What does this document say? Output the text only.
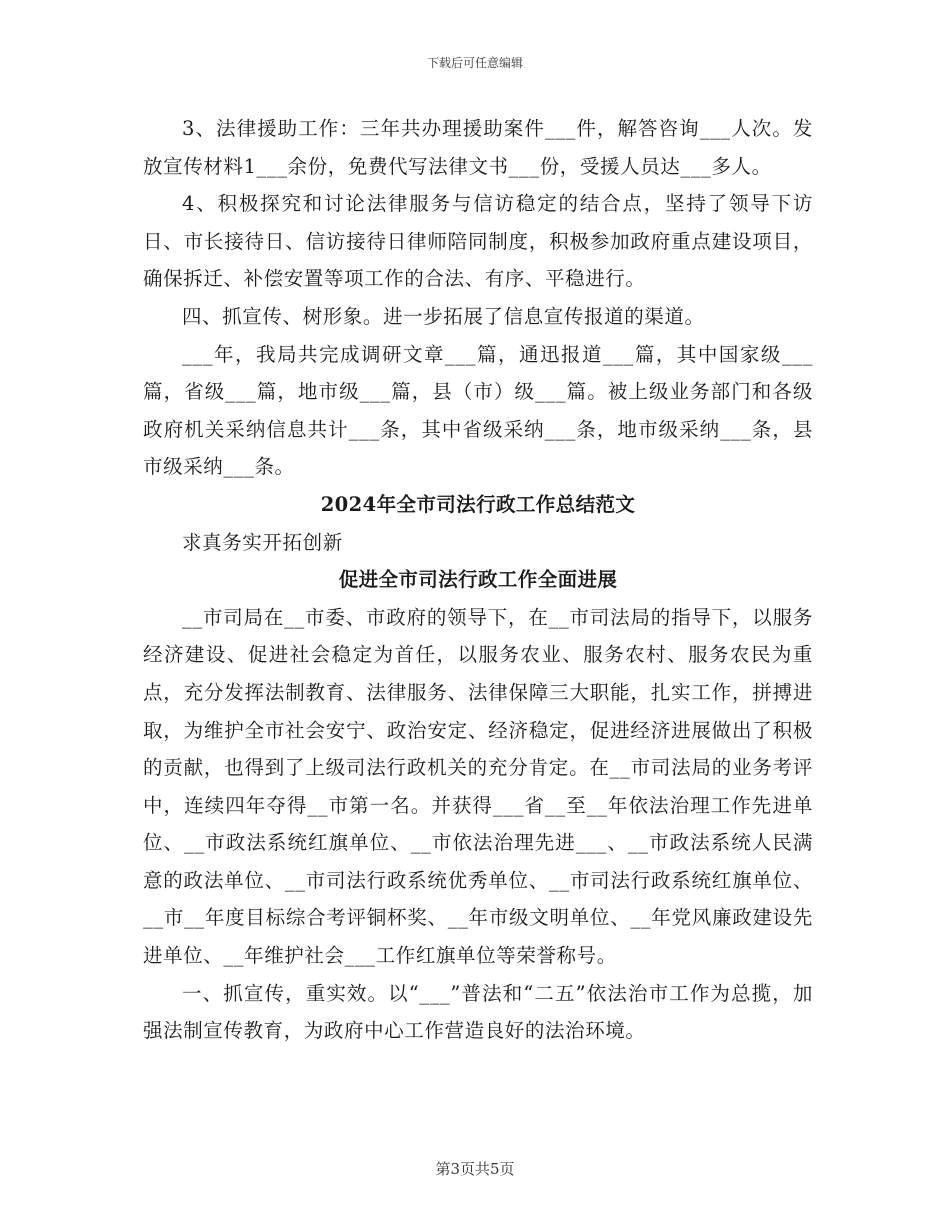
下载后可任意编辑

3、法律援助工作：三年共办理援助案件___件，解答咨询___人次。发放宣传材料1___余份，免费代写法律文书___份，受援人员达___多人。

4、积极探究和讨论法律服务与信访稳定的结合点，坚持了领导下访日、市长接待日、信访接待日律师陪同制度，积极参加政府重点建设项目，确保拆迁、补偿安置等项工作的合法、有序、平稳进行。

四、抓宣传、树形象。进一步拓展了信息宣传报道的渠道。

___年，我局共完成调研文章___篇，通迅报道___篇，其中国家级___篇，省级___篇，地市级___篇，县（市）级___篇。被上级业务部门和各级政府机关采纳信息共计___条，其中省级采纳___条，地市级采纳___条，县市级采纳___条。

2024年全市司法行政工作总结范文

求真务实开拓创新

促进全市司法行政工作全面进展

__市司局在__市委、市政府的领导下，在__市司法局的指导下，以服务经济建设、促进社会稳定为首任，以服务农业、服务农村、服务农民为重点，充分发挥法制教育、法律服务、法律保障三大职能，扎实工作，拼搏进取，为维护全市社会安宁、政治安定、经济稳定，促进经济进展做出了积极的贡献，也得到了上级司法行政机关的充分肯定。在__市司法局的业务考评中，连续四年夺得__市第一名。并获得___省__至__年依法治理工作先进单位、__市政法系统红旗单位、__市依法治理先进___、__市政法系统人民满意的政法单位、__市司法行政系统优秀单位、__市司法行政系统红旗单位、__市__年度目标综合考评铜杯奖、__年市级文明单位、__年党风廉政建设先进单位、__年维护社会___工作红旗单位等荣誉称号。

一、抓宣传，重实效。以“___”普法和“二五”依法治市工作为总揽，加强法制宣传教育，为政府中心工作营造良好的法治环境。

第3页共5页
